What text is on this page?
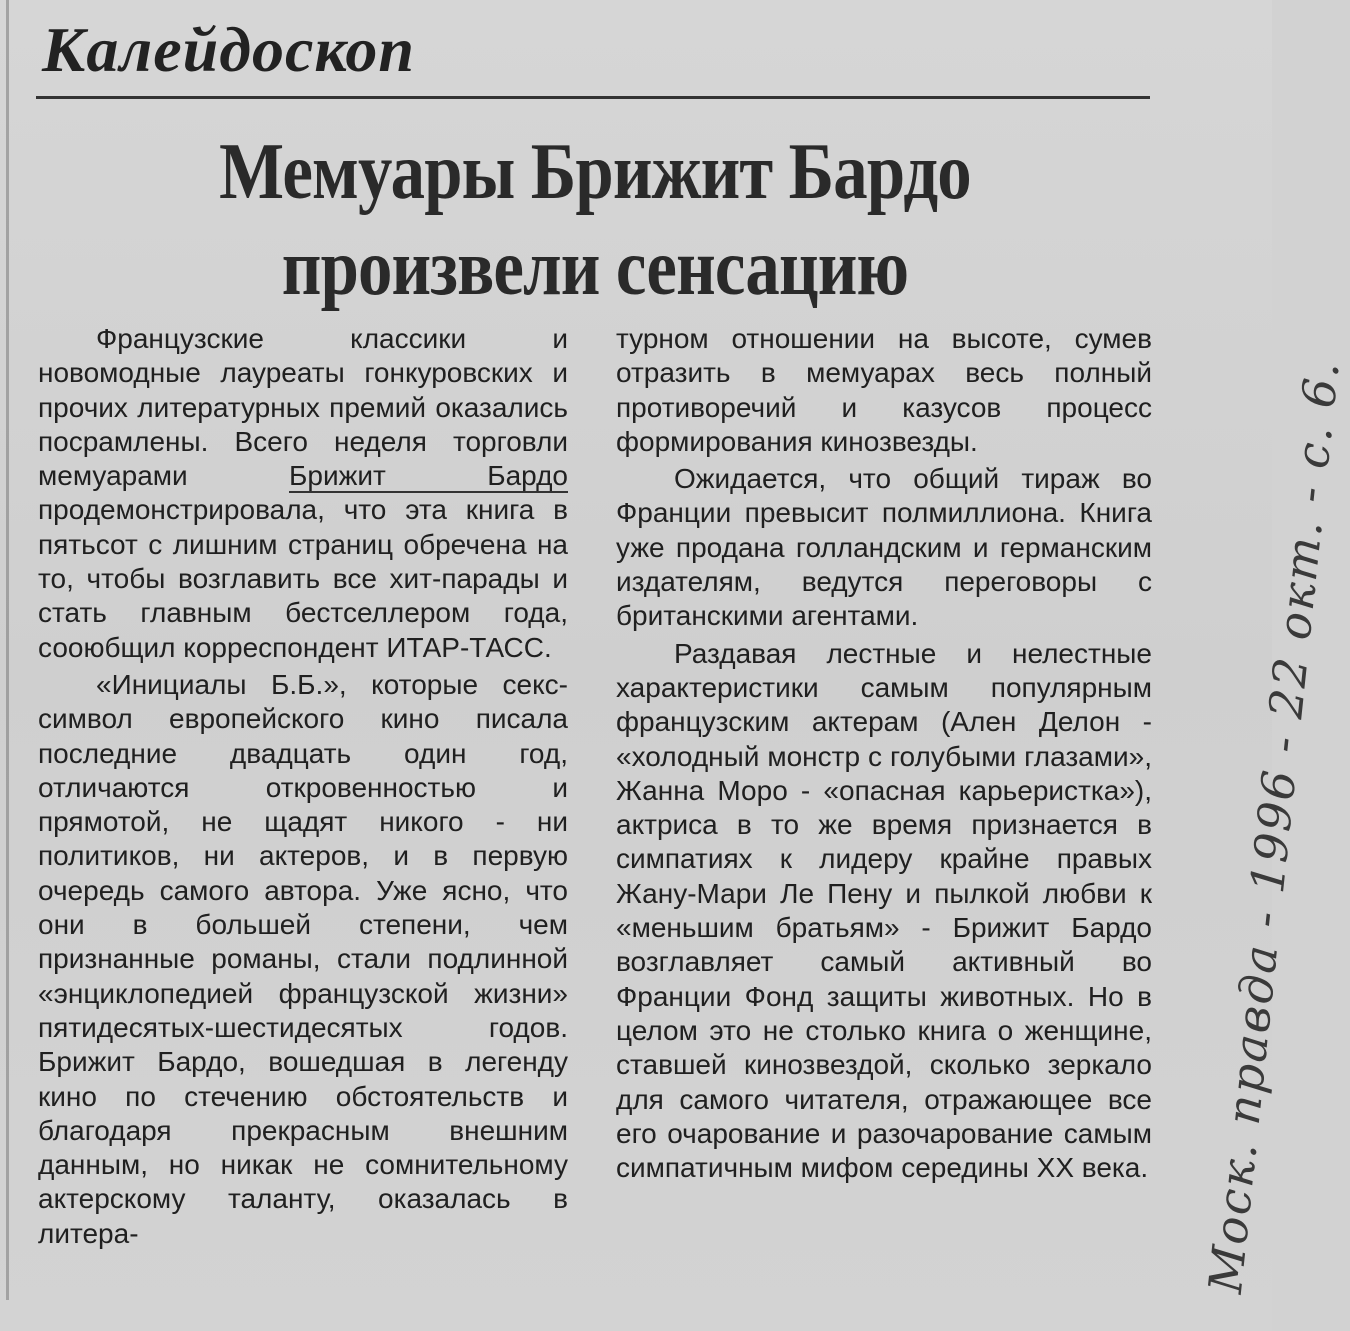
Калейдоскоп
Мемуары Брижит Бардо
произвели сенсацию

Французские классики и новомодные лауреаты гонкуровских и прочих литературных премий оказались посрамлены. Всего неделя торговли мемуарами Брижит Бардо продемонстрировала, что эта книга в пятьсот с лишним страниц обречена на то, чтобы возглавить все хит-парады и стать главным бестселлером года, сооюбщил корреспондент ИТАР-ТАСС.

«Инициалы Б.Б.», которые секс-символ европейского кино писала последние двадцать один год, отличаются откровенностью и прямотой, не щадят никого - ни политиков, ни актеров, и в первую очередь самого автора. Уже ясно, что они в большей степени, чем признанные романы, стали подлинной «энциклопедией французской жизни» пятидесятых-шестидесятых годов. Брижит Бардо, вошедшая в легенду кино по стечению обстоятельств и благодаря прекрасным внешним данным, но никак не сомнительному актерскому таланту, оказалась в литера-

турном отношении на высоте, сумев отразить в мемуарах весь полный противоречий и казусов процесс формирования кинозвезды.

Ожидается, что общий тираж во Франции превысит полмиллиона. Книга уже продана голландским и германским издателям, ведутся переговоры с британскими агентами.

Раздавая лестные и нелестные характеристики самым популярным французским актерам (Ален Делон - «холодный монстр с голубыми глазами», Жанна Моро - «опасная карьеристка»), актриса в то же время признается в симпатиях к лидеру крайне правых Жану-Мари Ле Пену и пылкой любви к «меньшим братьям» - Брижит Бардо возглавляет самый активный во Франции Фонд защиты животных. Но в целом это не столько книга о женщине, ставшей кинозвездой, сколько зеркало для самого читателя, отражающее все его очарование и разочарование самым симпатичным мифом середины XX века. Моск. правда - 1996 - 22 окт. - с. 6.
